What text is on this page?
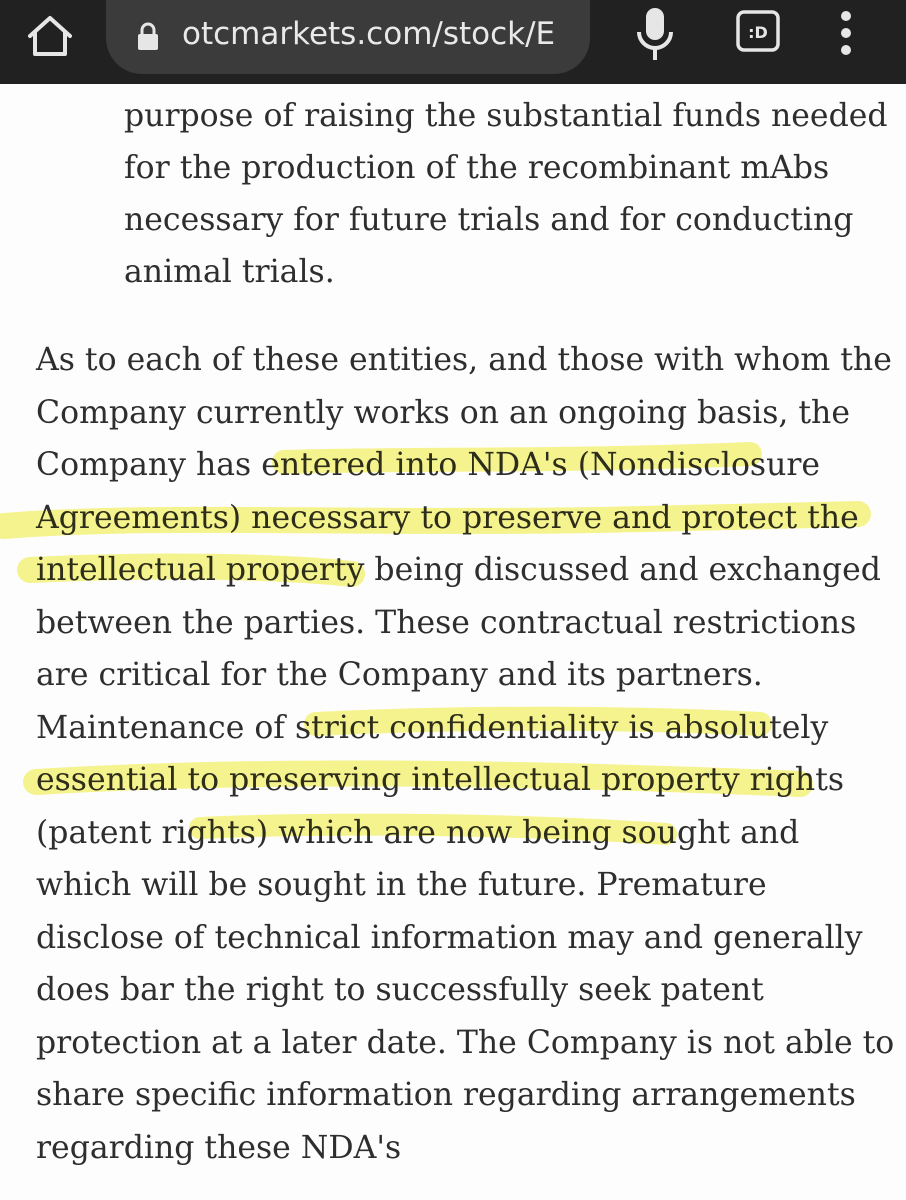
otcmarkets.com/stock/E	:D

purpose of raising the substantial funds needed
for the production of the recombinant mAbs
necessary for future trials and for conducting
animal trials.

As to each of these entities, and those with whom the
Company currently works on an ongoing basis, the
Company has entered into NDA's (Nondisclosure
Agreements) necessary to preserve and protect the
intellectual property being discussed and exchanged
between the parties. These contractual restrictions
are critical for the Company and its partners.
Maintenance of strict confidentiality is absolutely
essential to preserving intellectual property rights
(patent rights) which are now being sought and
which will be sought in the future. Premature
disclose of technical information may and generally
does bar the right to successfully seek patent
protection at a later date. The Company is not able to
share specific information regarding arrangements
regarding these NDA's
